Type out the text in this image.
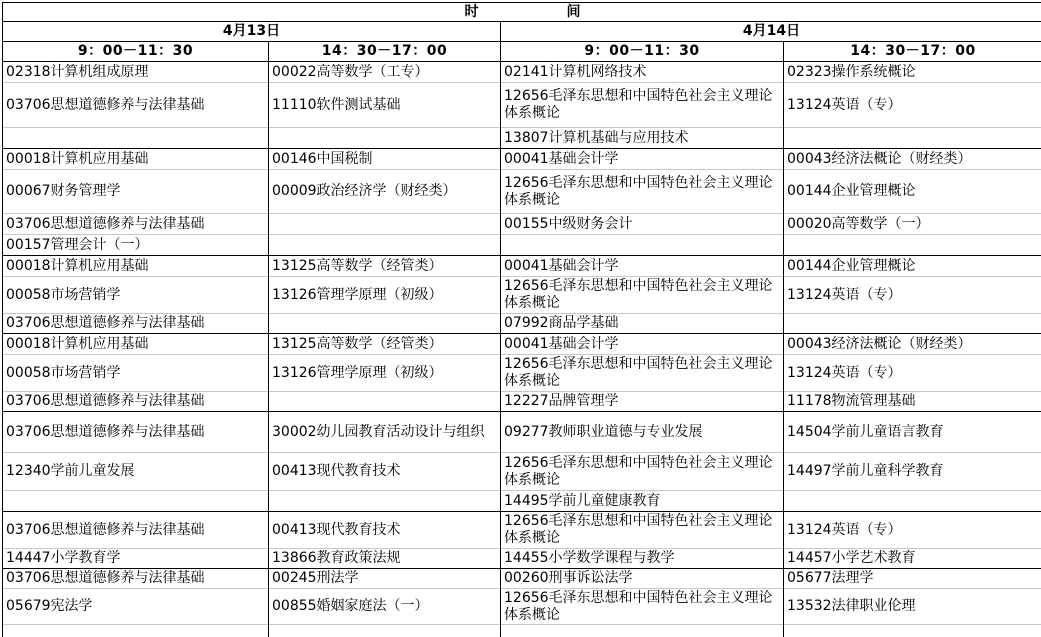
时 间			
4月13日		4月14日	
9：00－11：30	14：30－17：00	9：00－11：30	14：30－17：00
02318计算机组成原理	00022高等数学（工专）	02141计算机网络技术	02323操作系统概论
03706思想道德修养与法律基础	11110软件测试基础	12656毛泽东思想和中国特色社会主义理论体系概论	13124英语（专）
		13807计算机基础与应用技术	
00018计算机应用基础	00146中国税制	00041基础会计学	00043经济法概论（财经类）
00067财务管理学	00009政治经济学（财经类）	12656毛泽东思想和中国特色社会主义理论体系概论	00144企业管理概论
03706思想道德修养与法律基础		00155中级财务会计	00020高等数学（一）
00157管理会计（一）			
00018计算机应用基础	13125高等数学（经管类）	00041基础会计学	00144企业管理概论
00058市场营销学	13126管理学原理（初级）	12656毛泽东思想和中国特色社会主义理论体系概论	13124英语（专）
03706思想道德修养与法律基础		07992商品学基础	
00018计算机应用基础	13125高等数学（经管类）	00041基础会计学	00043经济法概论（财经类）
00058市场营销学	13126管理学原理（初级）	12656毛泽东思想和中国特色社会主义理论体系概论	13124英语（专）
03706思想道德修养与法律基础		12227品牌管理学	11178物流管理基础
03706思想道德修养与法律基础	30002幼儿园教育活动设计与组织	09277教师职业道德与专业发展	14504学前儿童语言教育
12340学前儿童发展	00413现代教育技术	12656毛泽东思想和中国特色社会主义理论体系概论	14497学前儿童科学教育
		14495学前儿童健康教育	
03706思想道德修养与法律基础	00413现代教育技术	12656毛泽东思想和中国特色社会主义理论体系概论	13124英语（专）
14447小学教育学	13866教育政策法规	14455小学数学课程与教学	14457小学艺术教育
03706思想道德修养与法律基础	00245刑法学	00260刑事诉讼法学	05677法理学
05679宪法学	00855婚姻家庭法（一）	12656毛泽东思想和中国特色社会主义理论体系概论	13532法律职业伦理
